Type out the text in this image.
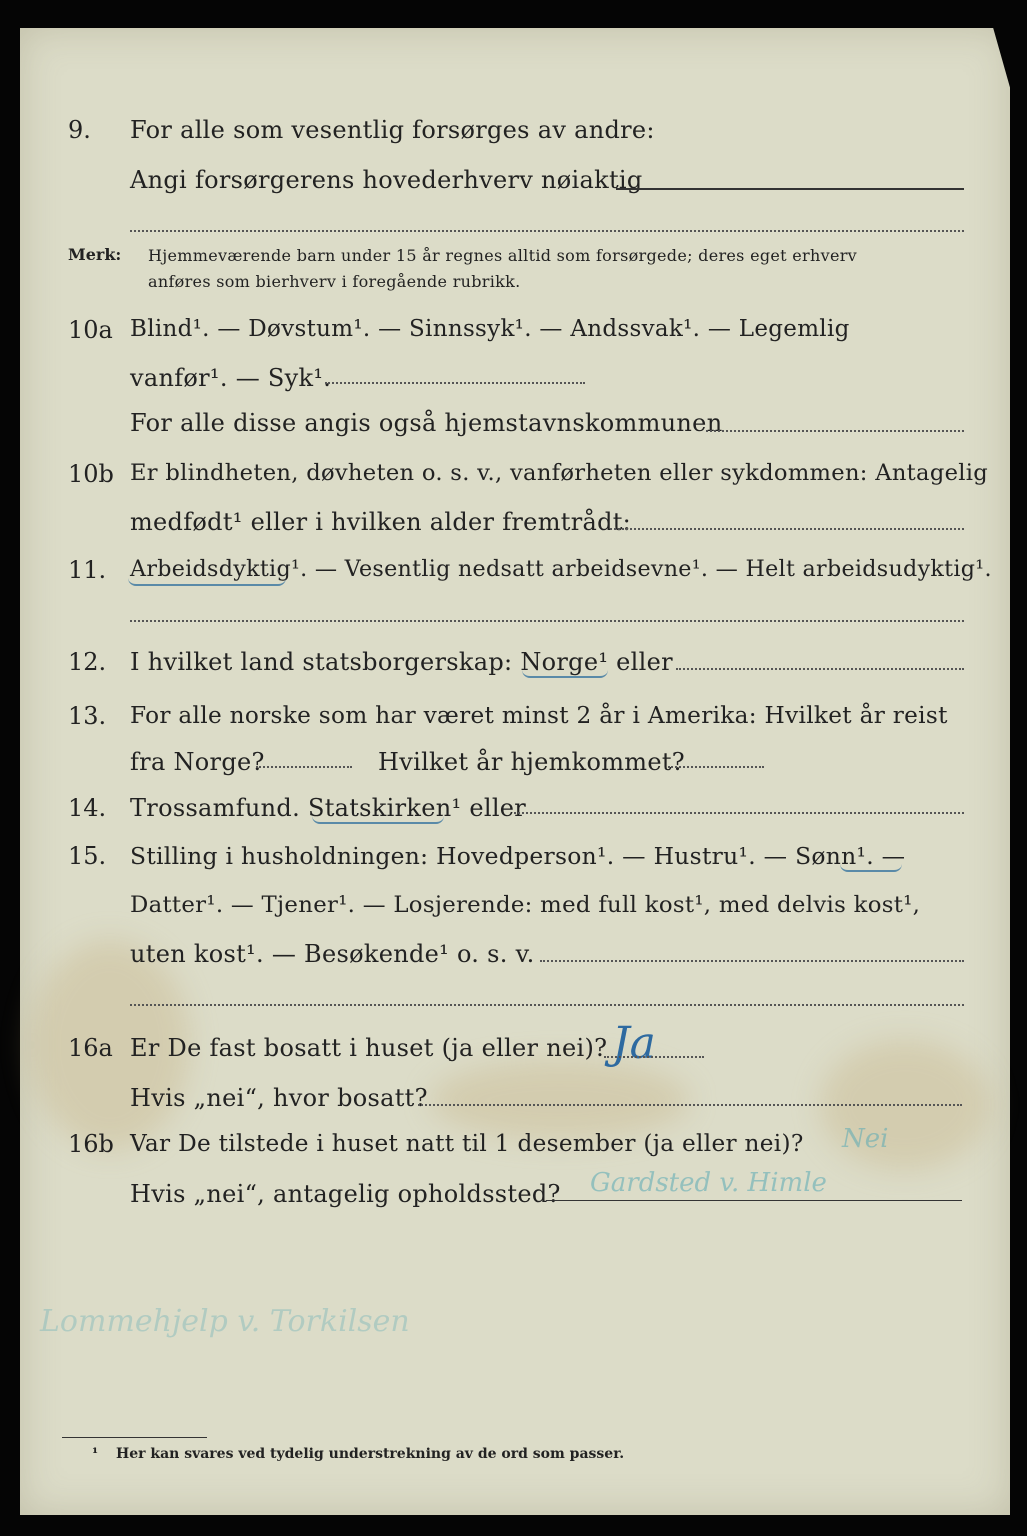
9. For alle som vesentlig forsørges av andre:
Angi forsørgerens hovederhverv nøiaktig
Merk: Hjemmeværende barn under 15 år regnes alltid som forsørgede; deres eget erhverv
anføres som bierhverv i foregående rubrikk.
10a Blind¹. — Døvstum¹. — Sinnssyk¹. — Andssvak¹. — Legemlig
vanfør¹. — Syk¹.
For alle disse angis også hjemstavnskommunen
10b Er blindheten, døvheten o. s. v., vanførheten eller sykdommen: Antagelig
medfødt¹ eller i hvilken alder fremtrådt:
11. Arbeidsdyktig¹. — Vesentlig nedsatt arbeidsevne¹. — Helt arbeidsudyktig¹.
12. I hvilket land statsborgerskap: Norge¹ eller
13. For alle norske som har været minst 2 år i Amerika: Hvilket år reist
fra Norge?	Hvilket år hjemkommet?
14. Trossamfund. Statskirken¹ eller
15. Stilling i husholdningen: Hovedperson¹. — Hustru¹. — Sønn¹. —
Datter¹. — Tjener¹. — Losjerende: med full kost¹, med delvis kost¹,
uten kost¹. — Besøkende¹ o. s. v.
16a Er De fast bosatt i huset (ja eller nei)? Ja
Hvis „nei“, hvor bosatt?
16b Var De tilstede i huset natt til 1 desember (ja eller nei)? Nei
Hvis „nei“, antagelig opholdssted? Gardsted v. Himle
Lommehjelp v. Torkilsen
¹ Her kan svares ved tydelig understrekning av de ord som passer.
